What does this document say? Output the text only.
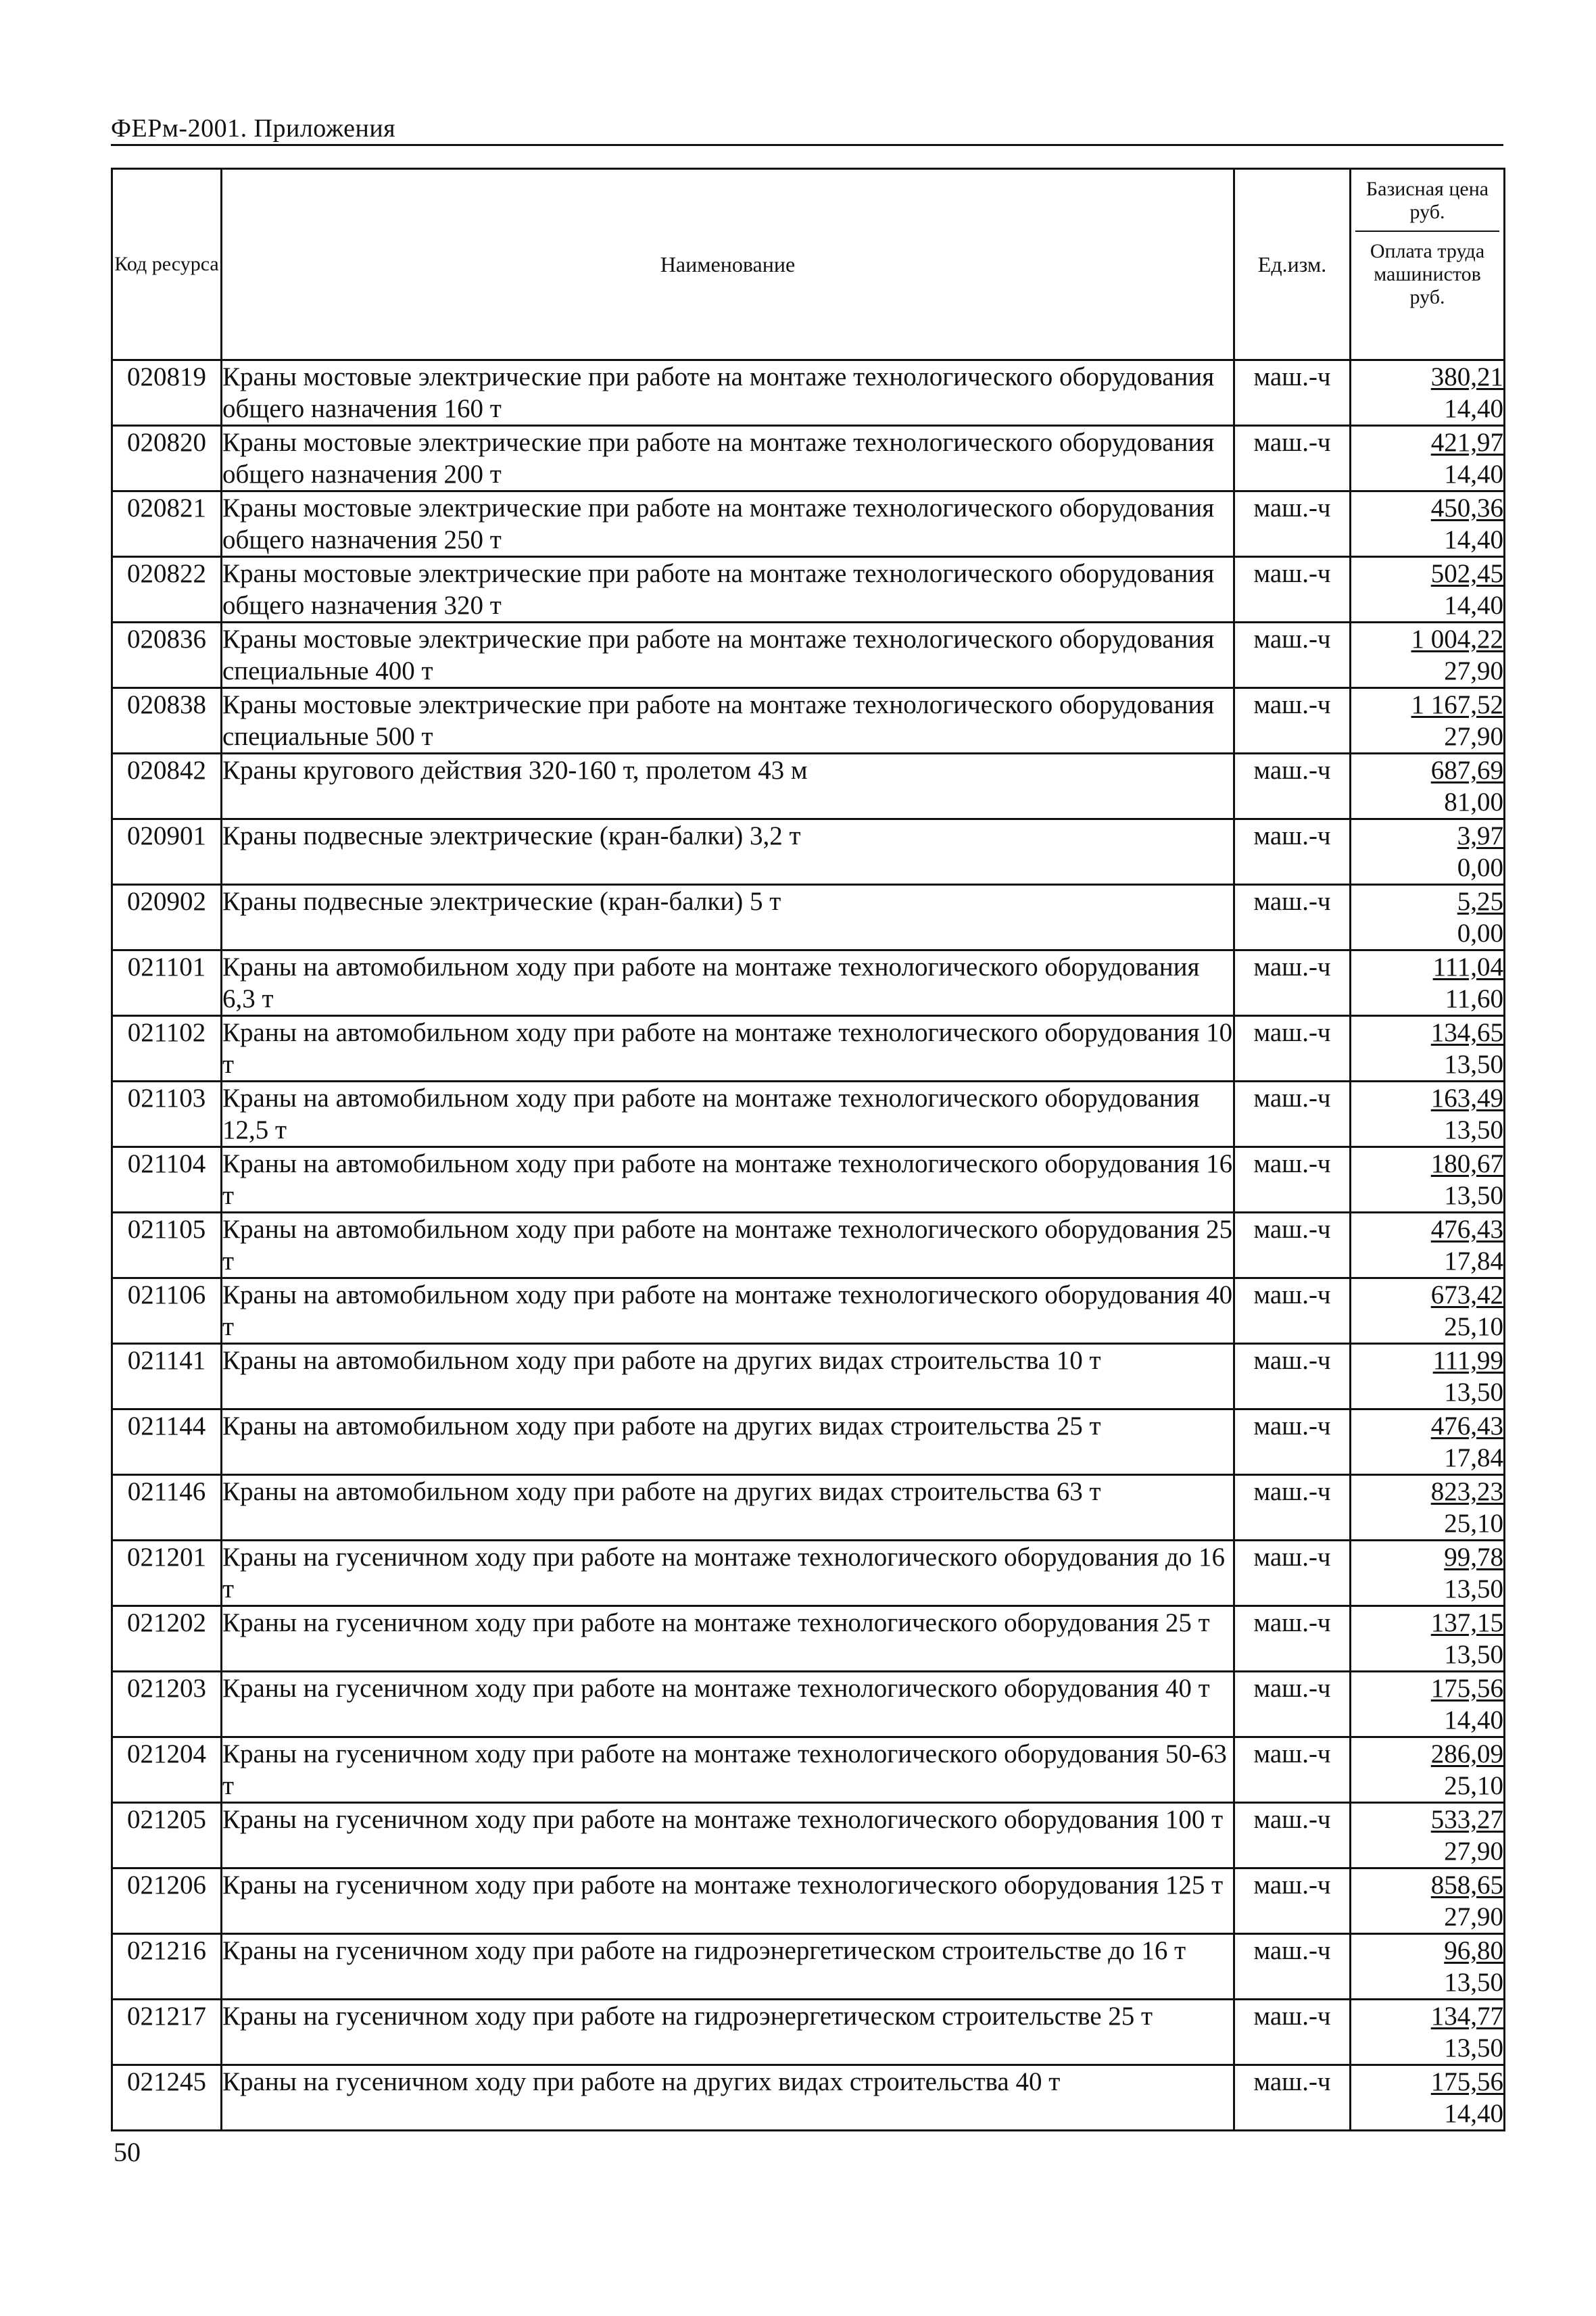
ФЕРм-2001. Приложения
Код ресурса	Наименование	Ед.изм.	Базисная цена руб.
Оплата труда машинистов руб.

020819	Краны мостовые электрические при работе на монтаже технологического оборудования общего назначения 160 т	маш.-ч	380,21
14,40

020820	Краны мостовые электрические при работе на монтаже технологического оборудования общего назначения 200 т	маш.-ч	421,97
14,40

020821	Краны мостовые электрические при работе на монтаже технологического оборудования общего назначения 250 т	маш.-ч	450,36
14,40

020822	Краны мостовые электрические при работе на монтаже технологического оборудования общего назначения 320 т	маш.-ч	502,45
14,40

020836	Краны мостовые электрические при работе на монтаже технологического оборудования специальные 400 т	маш.-ч	1 004,22
27,90

020838	Краны мостовые электрические при работе на монтаже технологического оборудования специальные 500 т	маш.-ч	1 167,52
27,90

020842	Краны кругового действия 320-160 т, пролетом 43 м	маш.-ч	687,69
81,00

020901	Краны подвесные электрические (кран-балки) 3,2 т	маш.-ч	3,97
0,00

020902	Краны подвесные электрические (кран-балки) 5 т	маш.-ч	5,25
0,00

021101	Краны на автомобильном ходу при работе на монтаже технологического оборудования 6,3 т	маш.-ч	111,04
11,60

021102	Краны на автомобильном ходу при работе на монтаже технологического оборудования 10 т	маш.-ч	134,65
13,50

021103	Краны на автомобильном ходу при работе на монтаже технологического оборудования 12,5 т	маш.-ч	163,49
13,50

021104	Краны на автомобильном ходу при работе на монтаже технологического оборудования 16 т	маш.-ч	180,67
13,50

021105	Краны на автомобильном ходу при работе на монтаже технологического оборудования 25 т	маш.-ч	476,43
17,84

021106	Краны на автомобильном ходу при работе на монтаже технологического оборудования 40 т	маш.-ч	673,42
25,10

021141	Краны на автомобильном ходу при работе на других видах строительства 10 т	маш.-ч	111,99
13,50

021144	Краны на автомобильном ходу при работе на других видах строительства 25 т	маш.-ч	476,43
17,84

021146	Краны на автомобильном ходу при работе на других видах строительства 63 т	маш.-ч	823,23
25,10

021201	Краны на гусеничном ходу при работе на монтаже технологического оборудования до 16 т	маш.-ч	99,78
13,50

021202	Краны на гусеничном ходу при работе на монтаже технологического оборудования 25 т	маш.-ч	137,15
13,50

021203	Краны на гусеничном ходу при работе на монтаже технологического оборудования 40 т	маш.-ч	175,56
14,40

021204	Краны на гусеничном ходу при работе на монтаже технологического оборудования 50-63 т	маш.-ч	286,09
25,10

021205	Краны на гусеничном ходу при работе на монтаже технологического оборудования 100 т	маш.-ч	533,27
27,90

021206	Краны на гусеничном ходу при работе на монтаже технологического оборудования 125 т	маш.-ч	858,65
27,90

021216	Краны на гусеничном ходу при работе на гидроэнергетическом строительстве до 16 т	маш.-ч	96,80
13,50

021217	Краны на гусеничном ходу при работе на гидроэнергетическом строительстве 25 т	маш.-ч	134,77
13,50

021245	Краны на гусеничном ходу при работе на других видах строительства 40 т	маш.-ч	175,56
14,40
50
